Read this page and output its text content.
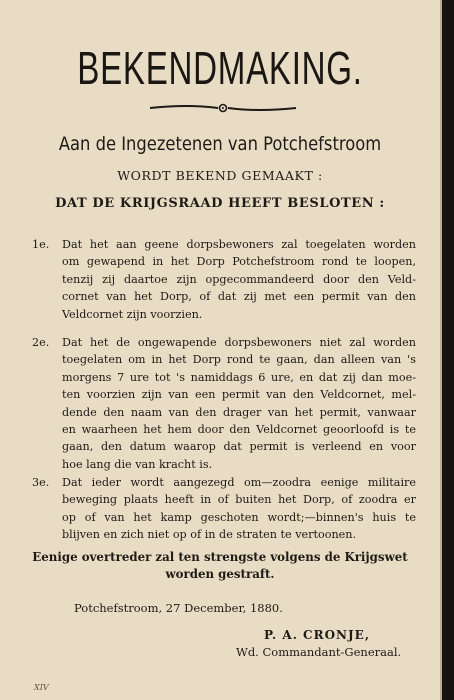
BEKENDMAKING.
Aan de Ingezetenen van Potchefstroom
WORDT BEKEND GEMAAKT :
DAT DE KRIJGSRAAD HEEFT BESLOTEN :
1e. Dat het aan geene dorpsbewoners zal toegelaten worden
om gewapend in het Dorp Potchefstroom rond te loopen,
tenzij zij daartoe zijn opgecommandeerd door den Veld-
cornet van het Dorp, of dat zij met een permit van den
Veldcornet zijn voorzien.
2e. Dat het de ongewapende dorpsbewoners niet zal worden
toegelaten om in het Dorp rond te gaan, dan alleen van 's
morgens 7 ure tot 's namiddags 6 ure, en dat zij dan moe-
ten voorzien zijn van een permit van den Veldcornet, mel-
dende den naam van den drager van het permit, vanwaar
en waarheen het hem door den Veldcornet geoorloofd is te
gaan, den datum waarop dat permit is verleend en voor
hoe lang die van kracht is.
3e. Dat ieder wordt aangezegd om—zoodra eenige militaire
beweging plaats heeft in of buiten het Dorp, of zoodra er
op of van het kamp geschoten wordt;—binnen's huis te
blijven en zich niet op of in de straten te vertoonen.
Eenige overtreder zal ten strengste volgens de Krijgswet
worden gestraft.
Potchefstroom, 27 December, 1880.
P. A. CRONJE,
Wd. Commandant-Generaal.
XIV
